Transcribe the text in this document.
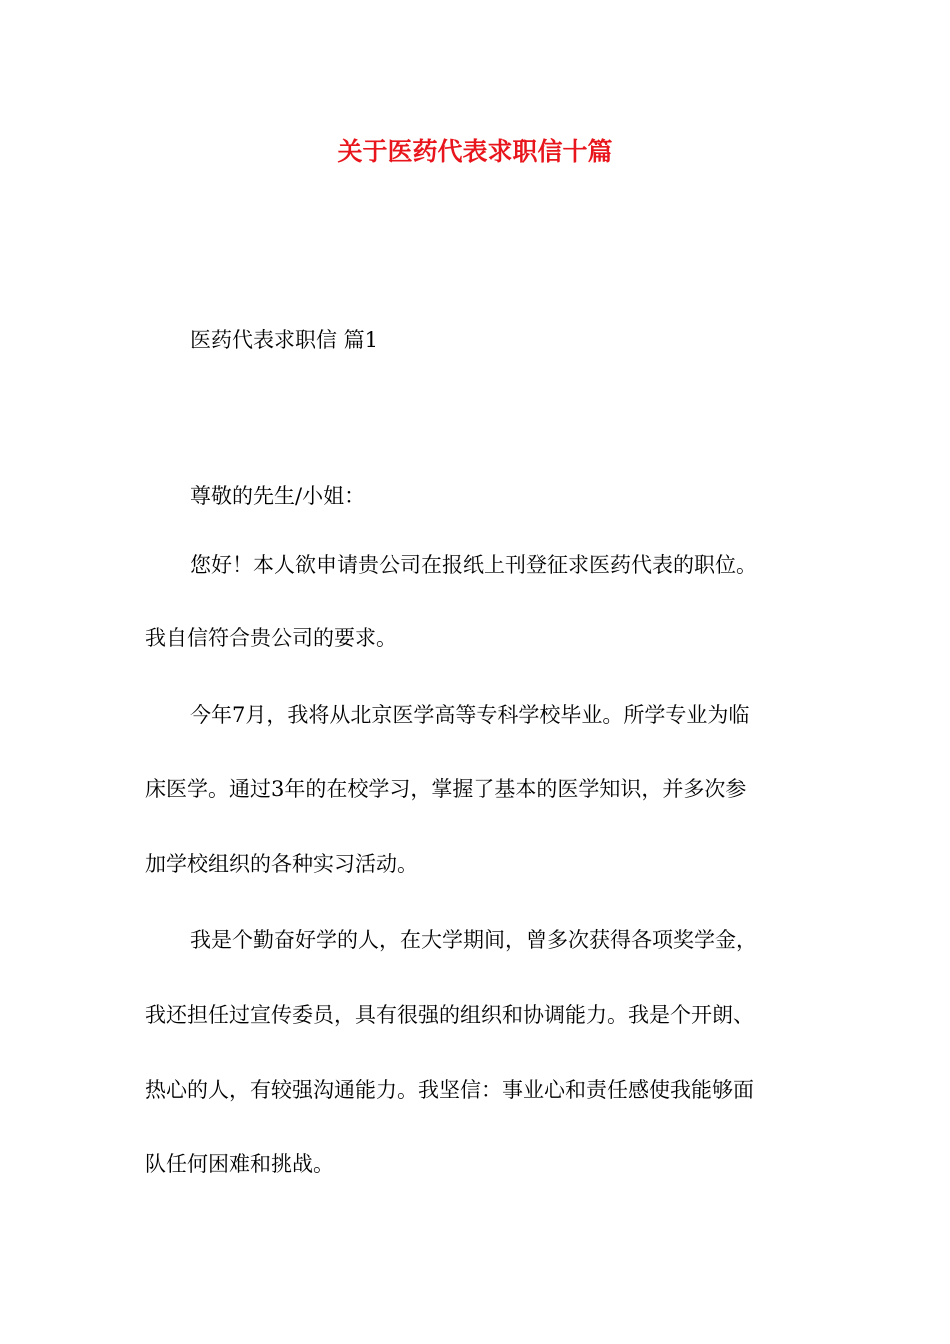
关于医药代表求职信十篇
医药代表求职信 篇1
尊敬的先生/小姐：
您好！本人欲申请贵公司在报纸上刊登征求医药代表的职位。
我自信符合贵公司的要求。
今年7月，我将从北京医学高等专科学校毕业。所学专业为临
床医学。通过3年的在校学习，掌握了基本的医学知识，并多次参
加学校组织的各种实习活动。
我是个勤奋好学的人，在大学期间，曾多次获得各项奖学金，
我还担任过宣传委员，具有很强的组织和协调能力。我是个开朗、
热心的人，有较强沟通能力。我坚信：事业心和责任感使我能够面
队任何困难和挑战。
